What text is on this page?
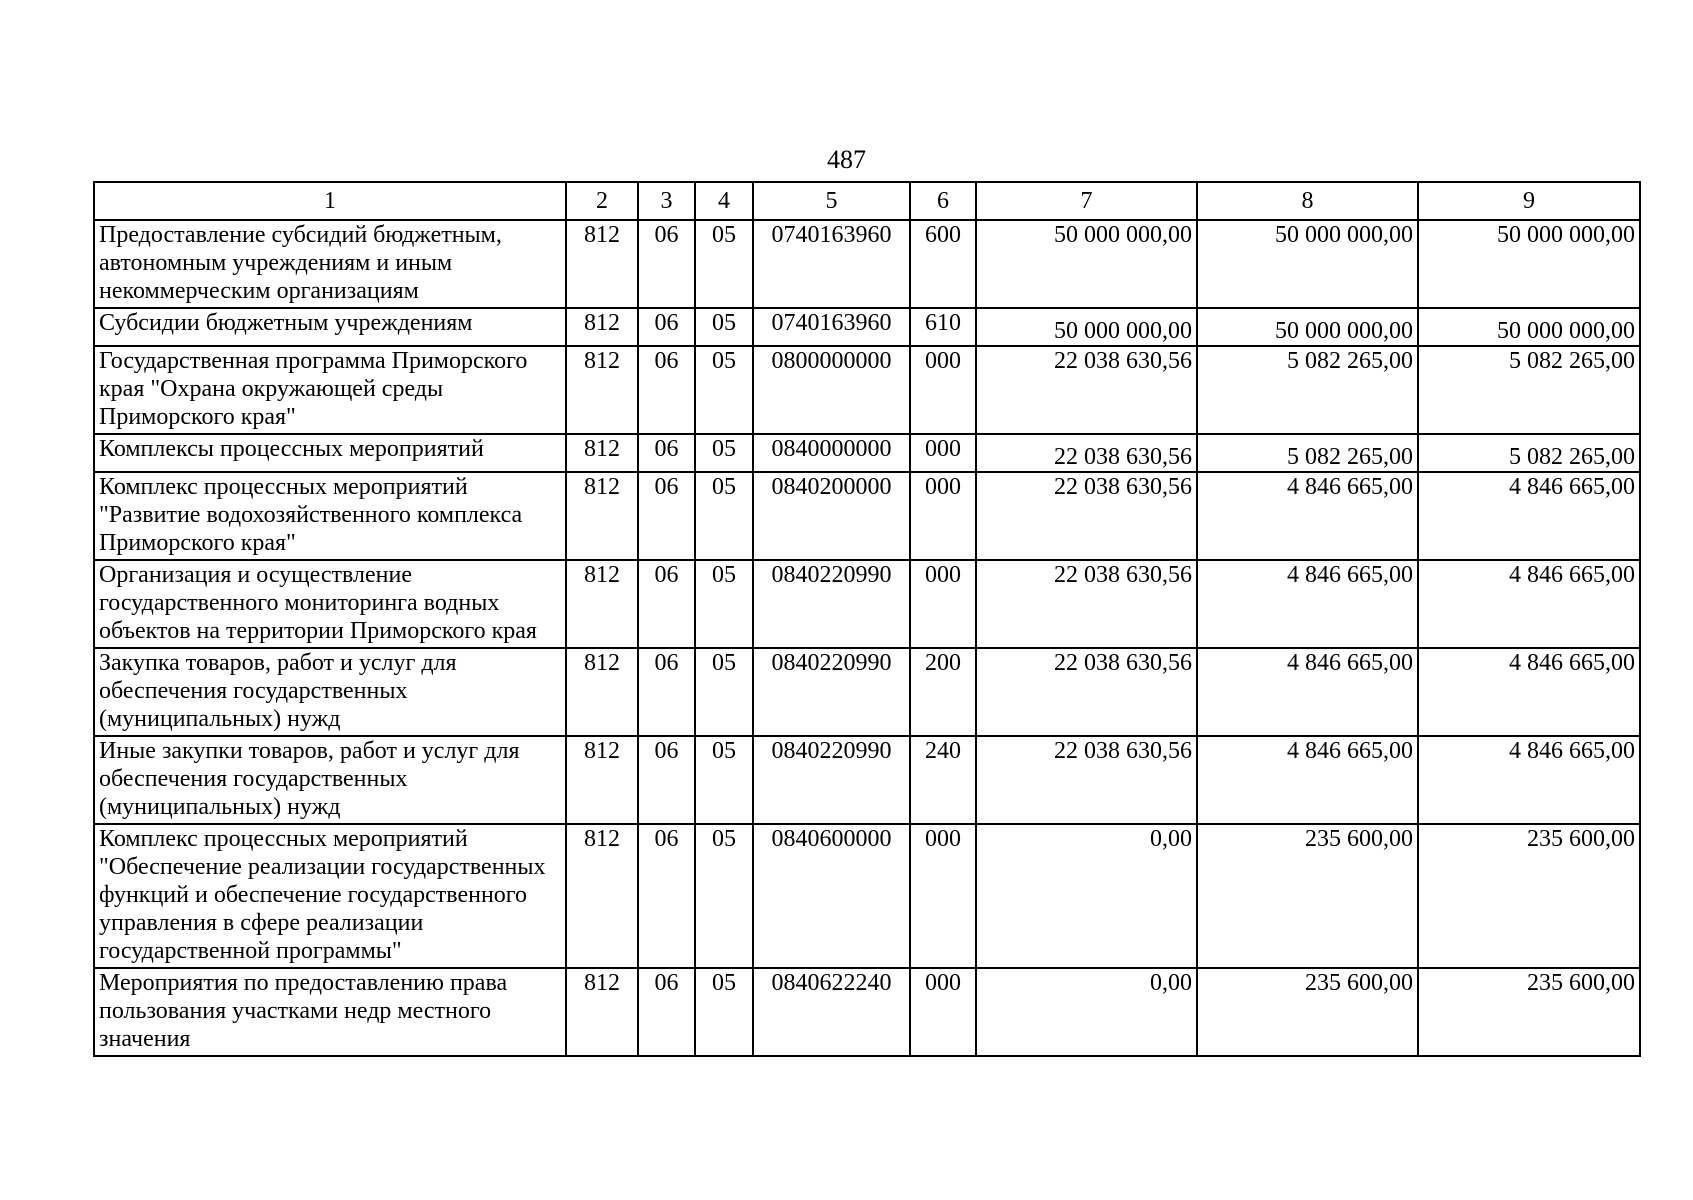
487
1	2	3	4	5	6	7	8	9
Предоставление субсидий бюджетным, автономным учреждениям и иным некоммерческим организациям	812	06	05	0740163960	600	50 000 000,00	50 000 000,00	50 000 000,00
Субсидии бюджетным учреждениям	812	06	05	0740163960	610	50 000 000,00	50 000 000,00	50 000 000,00
Государственная программа Приморского края "Охрана окружающей среды Приморского края"	812	06	05	0800000000	000	22 038 630,56	5 082 265,00	5 082 265,00
Комплексы процессных мероприятий	812	06	05	0840000000	000	22 038 630,56	5 082 265,00	5 082 265,00
Комплекс процессных мероприятий "Развитие водохозяйственного комплекса Приморского края"	812	06	05	0840200000	000	22 038 630,56	4 846 665,00	4 846 665,00
Организация и осуществление государственного мониторинга водных объектов на территории Приморского края	812	06	05	0840220990	000	22 038 630,56	4 846 665,00	4 846 665,00
Закупка товаров, работ и услуг для обеспечения государственных (муниципальных) нужд	812	06	05	0840220990	200	22 038 630,56	4 846 665,00	4 846 665,00
Иные закупки товаров, работ и услуг для обеспечения государственных (муниципальных) нужд	812	06	05	0840220990	240	22 038 630,56	4 846 665,00	4 846 665,00
Комплекс процессных мероприятий "Обеспечение реализации государственных функций и обеспечение государственного управления в сфере реализации государственной программы"	812	06	05	0840600000	000	0,00	235 600,00	235 600,00
Мероприятия по предоставлению права пользования участками недр местного значения	812	06	05	0840622240	000	0,00	235 600,00	235 600,00
